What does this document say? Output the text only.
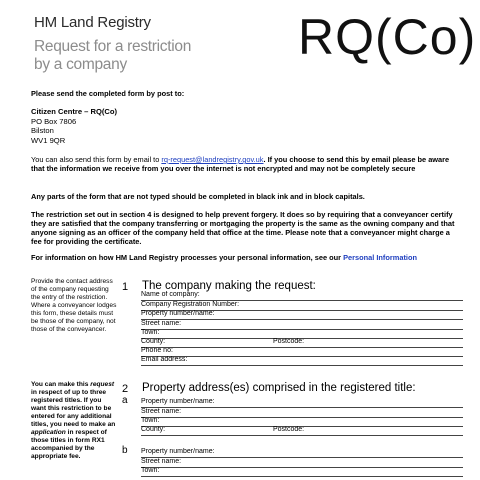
HM Land Registry
Request for a restriction
by a company	RQ(Co)
Please send the completed form by post to:
Citizen Centre – RQ(Co)
PO Box 7806
Bilston
WV1 9QR
You can also send this form by email to rq-request@landregistry.gov.uk. If you choose to send this by email please be aware that the information we receive from you over the internet is not encrypted and may not be completely secure
Any parts of the form that are not typed should be completed in black ink and in block capitals.
The restriction set out in section 4 is designed to help prevent forgery. It does so by requiring that a conveyancer certify they are satisfied that the company transferring or mortgaging the property is the same as the owning company and that anyone signing as an officer of the company held that office at the time. Please note that a conveyancer might charge a fee for providing the certificate.
For information on how HM Land Registry processes your personal information, see our Personal Information
Provide the contact address of the company requesting the entry of the restriction. Where a conveyancer lodges this form, these details must be those of the company, not those of the conveyancer.
1 The company making the request:
Name of company:
Company Registration Number:
Property number/name:
Street name:
Town:
County:	Postcode:
Phone no:
Email address:
You can make this request in respect of up to three registered titles. If you want this restriction to be entered for any additional titles, you need to make an application in respect of those titles in form RX1 accompanied by the appropriate fee.
2 Property address(es) comprised in the registered title:
a Property number/name:
Street name:
Town:
County:	Postcode:
b Property number/name:
Street name:
Town:
